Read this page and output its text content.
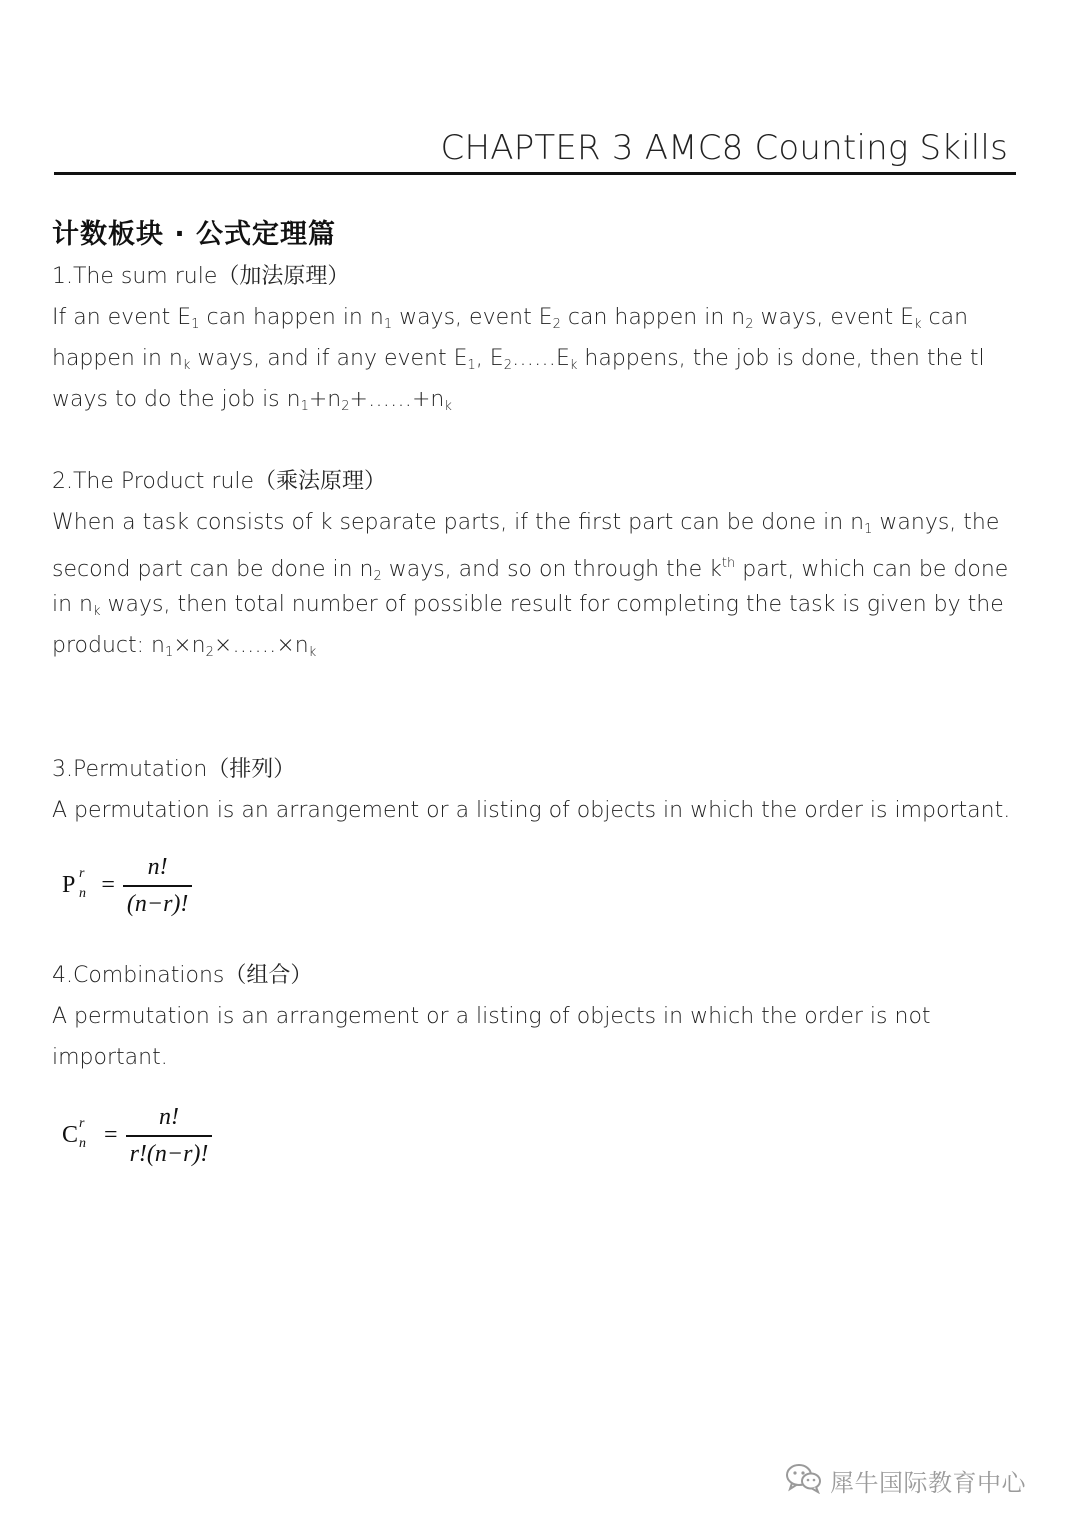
CHAPTER 3 AMC8 Counting Skills
计数板块 · 公式定理篇
1.The sum rule（加法原理）
If an event $E_1$ can happen in $n_1$ ways, event $E_2$ can happen in $n_2$ ways, event $E_k$ can
happen in $n_k$ ways, and if any event $E_1$, $E_2\dots\dots E_k$ happens, the job is done, then the tl
ways to do the job is $n_1+n_2+\dots\dots+n_k$
2.The Product rule（乘法原理）
When a task consists of k separate parts, if the first part can be done in $n_1$ wanys, the
second part can be done in $n_2$ ways, and so on through the $k^{th}$ part, which can be done
in $n_k$ ways, then total number of possible result for completing the task is given by the
product: $n_1\times n_2\times\dots\dots\times n_k$
3.Permutation（排列）
A permutation is an arrangement or a listing of objects in which the order is important.
P r
$n = \frac{n!}{(n-r)!}$
4.Combinations（组合）
A permutation is an arrangement or a listing of objects in which the order is not
important.
C r
$n = \frac{n!}{r!(n-r)!}$
犀牛国际教育中心
